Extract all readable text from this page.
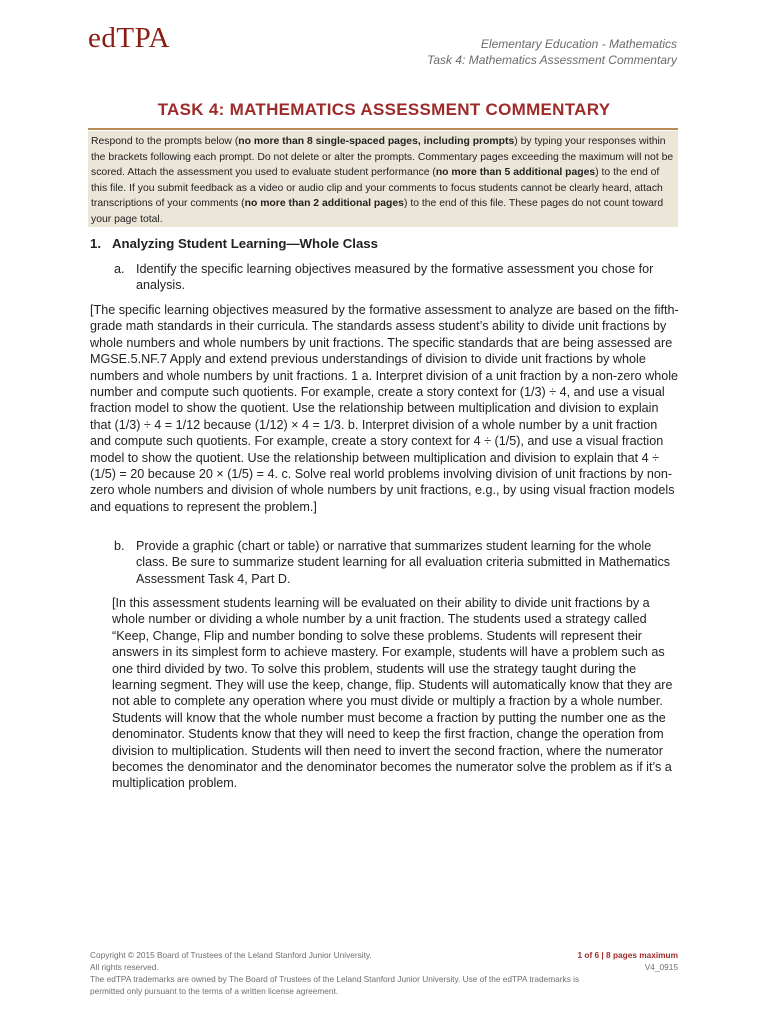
edTPA	Elementary Education - Mathematics
Task 4: Mathematics Assessment Commentary
TASK 4: MATHEMATICS ASSESSMENT COMMENTARY
Respond to the prompts below (no more than 8 single-spaced pages, including prompts) by typing your responses within the brackets following each prompt. Do not delete or alter the prompts. Commentary pages exceeding the maximum will not be scored. Attach the assessment you used to evaluate student performance (no more than 5 additional pages) to the end of this file. If you submit feedback as a video or audio clip and your comments to focus students cannot be clearly heard, attach transcriptions of your comments (no more than 2 additional pages) to the end of this file. These pages do not count toward your page total.
1. Analyzing Student Learning—Whole Class
a. Identify the specific learning objectives measured by the formative assessment you chose for analysis.
[The specific learning objectives measured by the formative assessment to analyze are based on the fifth-grade math standards in their curricula. The standards assess student’s ability to divide unit fractions by whole numbers and whole numbers by unit fractions. The specific standards that are being assessed are MGSE.5.NF.7 Apply and extend previous understandings of division to divide unit fractions by whole numbers and whole numbers by unit fractions. 1 a. Interpret division of a unit fraction by a non-zero whole number and compute such quotients. For example, create a story context for (1/3) ÷ 4, and use a visual fraction model to show the quotient. Use the relationship between multiplication and division to explain that (1/3) ÷ 4 = 1/12 because (1/12) × 4 = 1/3. b. Interpret division of a whole number by a unit fraction and compute such quotients. For example, create a story context for 4 ÷ (1/5), and use a visual fraction model to show the quotient. Use the relationship between multiplication and division to explain that 4 ÷ (1/5) = 20 because 20 × (1/5) = 4. c. Solve real world problems involving division of unit fractions by non-zero whole numbers and division of whole numbers by unit fractions, e.g., by using visual fraction models and equations to represent the problem.]
b. Provide a graphic (chart or table) or narrative that summarizes student learning for the whole class. Be sure to summarize student learning for all evaluation criteria submitted in Mathematics Assessment Task 4, Part D.
[In this assessment students learning will be evaluated on their ability to divide unit fractions by a whole number or dividing a whole number by a unit fraction. The students used a strategy called “Keep, Change, Flip and number bonding to solve these problems. Students will represent their answers in its simplest form to achieve mastery. For example, students will have a problem such as one third divided by two. To solve this problem, students will use the strategy taught during the learning segment. They will use the keep, change, flip. Students will automatically know that they are not able to complete any operation where you must divide or multiply a fraction by a whole number. Students will know that the whole number must become a fraction by putting the number one as the denominator. Students know that they will need to keep the first fraction, change the operation from division to multiplication. Students will then need to invert the second fraction, where the numerator becomes the denominator and the denominator becomes the numerator solve the problem as if it’s a multiplication problem.
Copyright © 2015 Board of Trustees of the Leland Stanford Junior University.
All rights reserved.
The edTPA trademarks are owned by The Board of Trustees of the Leland Stanford Junior University. Use of the edTPA trademarks is
permitted only pursuant to the terms of a written license agreement.
1 of 6 | 8 pages maximum
V4_0915
